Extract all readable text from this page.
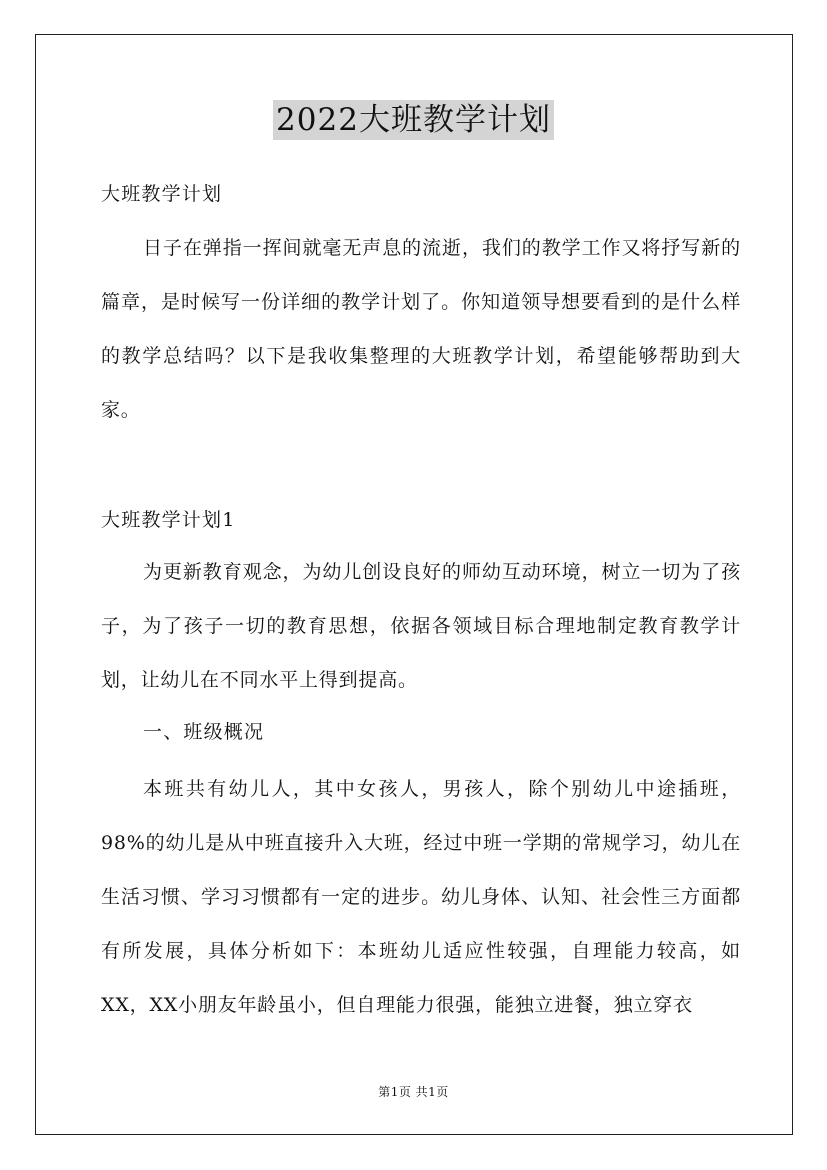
2022大班教学计划
大班教学计划
日子在弹指一挥间就毫无声息的流逝，我们的教学工作又将抒写新的篇章，是时候写一份详细的教学计划了。你知道领导想要看到的是什么样的教学总结吗？以下是我收集整理的大班教学计划，希望能够帮助到大家。
大班教学计划1
为更新教育观念，为幼儿创设良好的师幼互动环境，树立一切为了孩子，为了孩子一切的教育思想，依据各领域目标合理地制定教育教学计划，让幼儿在不同水平上得到提高。
一、班级概况
本班共有幼儿人，其中女孩人，男孩人，除个别幼儿中途插班，98%的幼儿是从中班直接升入大班，经过中班一学期的常规学习，幼儿在生活习惯、学习习惯都有一定的进步。幼儿身体、认知、社会性三方面都有所发展，具体分析如下：本班幼儿适应性较强，自理能力较高，如XX，XX小朋友年龄虽小，但自理能力很强，能独立进餐，独立穿衣
第1页 共1页
